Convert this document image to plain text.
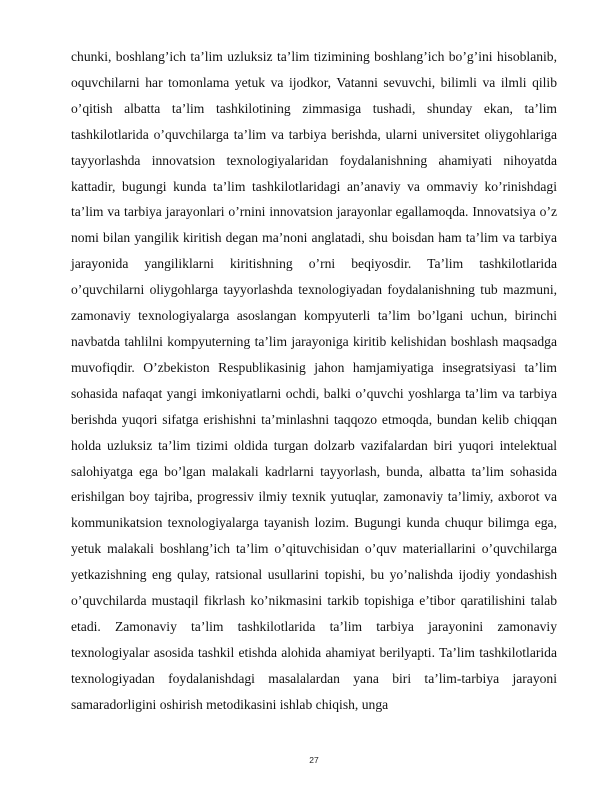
chunki, boshlang’ich ta’lim uzluksiz ta’lim tizimining boshlang’ich bo’g’ini hisoblanib, oquvchilarni har tomonlama yetuk va ijodkor, Vatanni sevuvchi, bilimli va ilmli qilib o’qitish albatta ta’lim tashkilotining zimmasiga tushadi, shunday ekan, ta’lim tashkilotlarida o’quvchilarga ta’lim va tarbiya berishda, ularni universitet oliygohlariga tayyorlashda innovatsion texnologiyalaridan foydalanishning ahamiyati nihoyatda kattadir, bugungi kunda ta’lim tashkilotlaridagi an’anaviy va ommaviy ko’rinishdagi ta’lim va tarbiya jarayonlari o’rnini innovatsion jarayonlar egallamoqda. Innovatsiya o’z nomi bilan yangilik kiritish degan ma’noni anglatadi, shu boisdan ham ta’lim va tarbiya jarayonida yangiliklarni kiritishning o’rni beqiyosdir. Ta’lim tashkilotlarida o’quvchilarni oliygohlarga tayyorlashda texnologiyadan foydalanishning tub mazmuni, zamonaviy texnologiyalarga asoslangan kompyuterli ta’lim bo’lgani uchun, birinchi navbatda tahlilni kompyuterning ta’lim jarayoniga kiritib kelishidan boshlash maqsadga muvofiqdir. O’zbekiston Respublikasinig jahon hamjamiyatiga insegratsiyasi ta’lim sohasida nafaqat yangi imkoniyatlarni ochdi, balki o’quvchi yoshlarga ta’lim va tarbiya berishda yuqori sifatga erishishni ta’minlashni taqqozo etmoqda, bundan kelib chiqqan holda uzluksiz ta’lim tizimi oldida turgan dolzarb vazifalardan biri yuqori intelektual salohiyatga ega bo’lgan malakali kadrlarni tayyorlash, bunda, albatta ta’lim sohasida erishilgan boy tajriba, progressiv ilmiy texnik yutuqlar, zamonaviy ta’limiy, axborot va kommunikatsion texnologiyalarga tayanish lozim. Bugungi kunda chuqur bilimga ega, yetuk malakali boshlang’ich ta’lim o’qituvchisidan o’quv materiallarini o’quvchilarga yetkazishning eng qulay, ratsional usullarini topishi, bu yo’nalishda ijodiy yondashish o’quvchilarda mustaqil fikrlash ko’nikmasini tarkib topishiga e’tibor qaratilishini talab etadi. Zamonaviy ta’lim tashkilotlarida ta’lim tarbiya jarayonini zamonaviy texnologiyalar asosida tashkil etishda alohida ahamiyat berilyapti. Ta’lim tashkilotlarida texnologiyadan foydalanishdagi masalalardan yana biri ta’lim-tarbiya jarayoni samaradorligini oshirish metodikasini ishlab chiqish, unga

27
